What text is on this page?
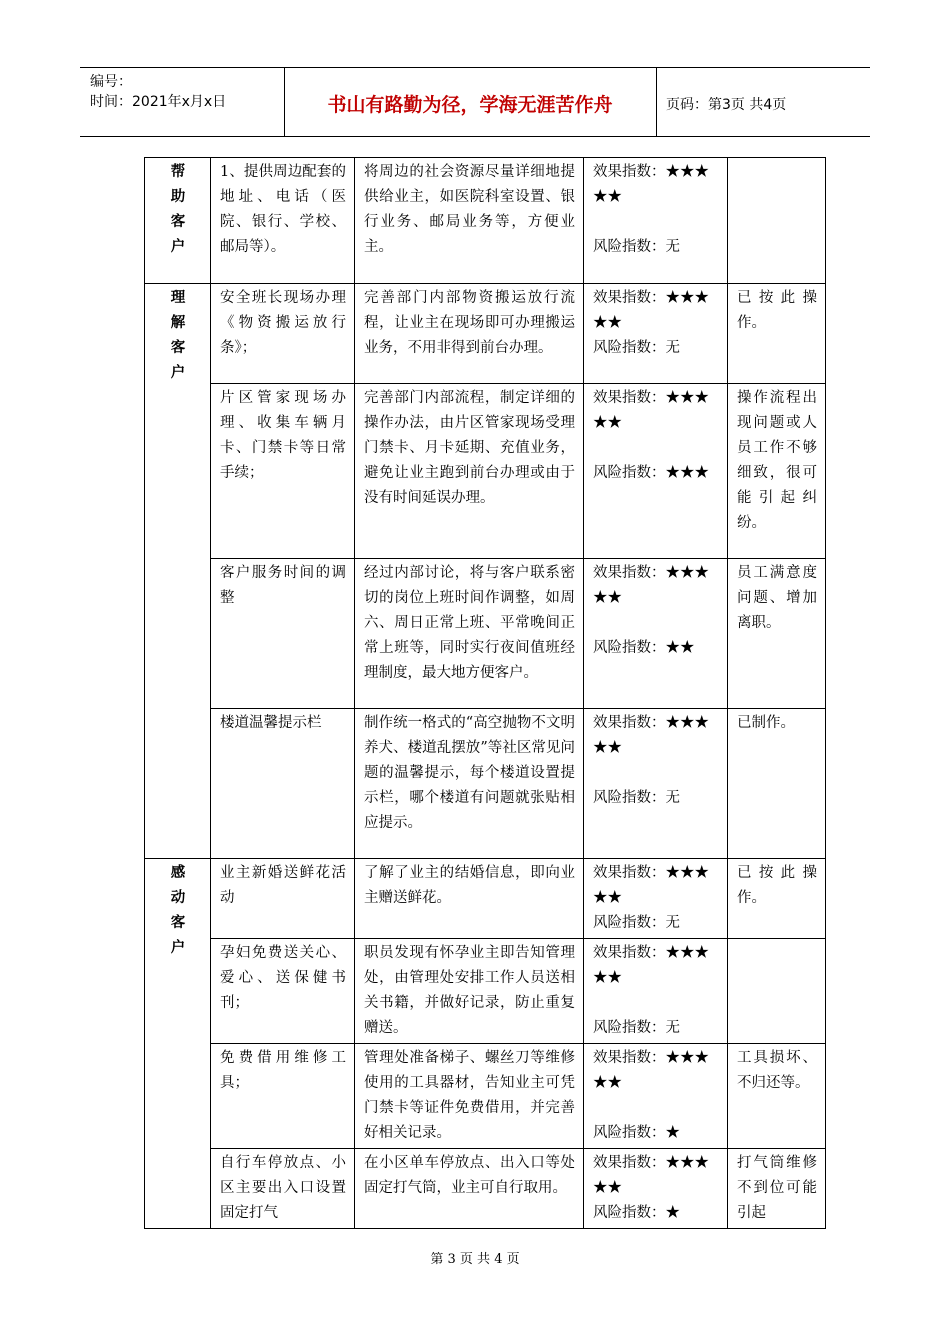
编号：
时间：2021年x月x日	书山有路勤为径，学海无涯苦作舟	页码：第3页 共4页
帮助客户	1、提供周边配套的地址、电话（医院、银行、学校、邮局等）。	将周边的社会资源尽量详细地提供给业主，如医院科室设置、银行业务、邮局业务等，方便业主。	效果指数：★★★★★
风险指数：无	

理解客户	安全班长现场办理《物资搬运放行条》；	完善部门内部物资搬运放行流程，让业主在现场即可办理搬运业务，不用非得到前台办理。	效果指数：★★★★★
风险指数：无	已按此操作。
	片区管家现场办理、收集车辆月卡、门禁卡等日常手续；	完善部门内部流程，制定详细的操作办法，由片区管家现场受理门禁卡、月卡延期、充值业务，避免让业主跑到前台办理或由于没有时间延误办理。	效果指数：★★★★★
风险指数：★★★	操作流程出现问题或人员工作不够细致，很可能引起纠纷。
	客户服务时间的调整	经过内部讨论，将与客户联系密切的岗位上班时间作调整，如周六、周日正常上班、平常晚间正常上班等，同时实行夜间值班经理制度，最大地方便客户。	效果指数：★★★★★
风险指数：★★	员工满意度问题、增加离职。
	楼道温馨提示栏	制作统一格式的“高空抛物不文明养犬、楼道乱摆放”等社区常见问题的温馨提示，每个楼道设置提示栏，哪个楼道有问题就张贴相应提示。	效果指数：★★★★★
风险指数：无	已制作。

感动客户	业主新婚送鲜花活动	了解了业主的结婚信息，即向业主赠送鲜花。	效果指数：★★★★★
风险指数：无	已按此操作。
	孕妇免费送关心、爱心、送保健书刊；	职员发现有怀孕业主即告知管理处，由管理处安排工作人员送相关书籍，并做好记录，防止重复赠送。	效果指数：★★★★★
风险指数：无	

	免费借用维修工具；	管理处准备梯子、螺丝刀等维修使用的工具器材，告知业主可凭门禁卡等证件免费借用，并完善好相关记录。	效果指数：★★★★★
风险指数：★	工具损坏、不归还等。
	自行车停放点、小区主要出入口设置固定打气	在小区单车停放点、出入口等处固定打气筒，业主可自行取用。	效果指数：★★★★★
风险指数：★	打气筒维修不到位可能引起
第 3 页 共 4 页
